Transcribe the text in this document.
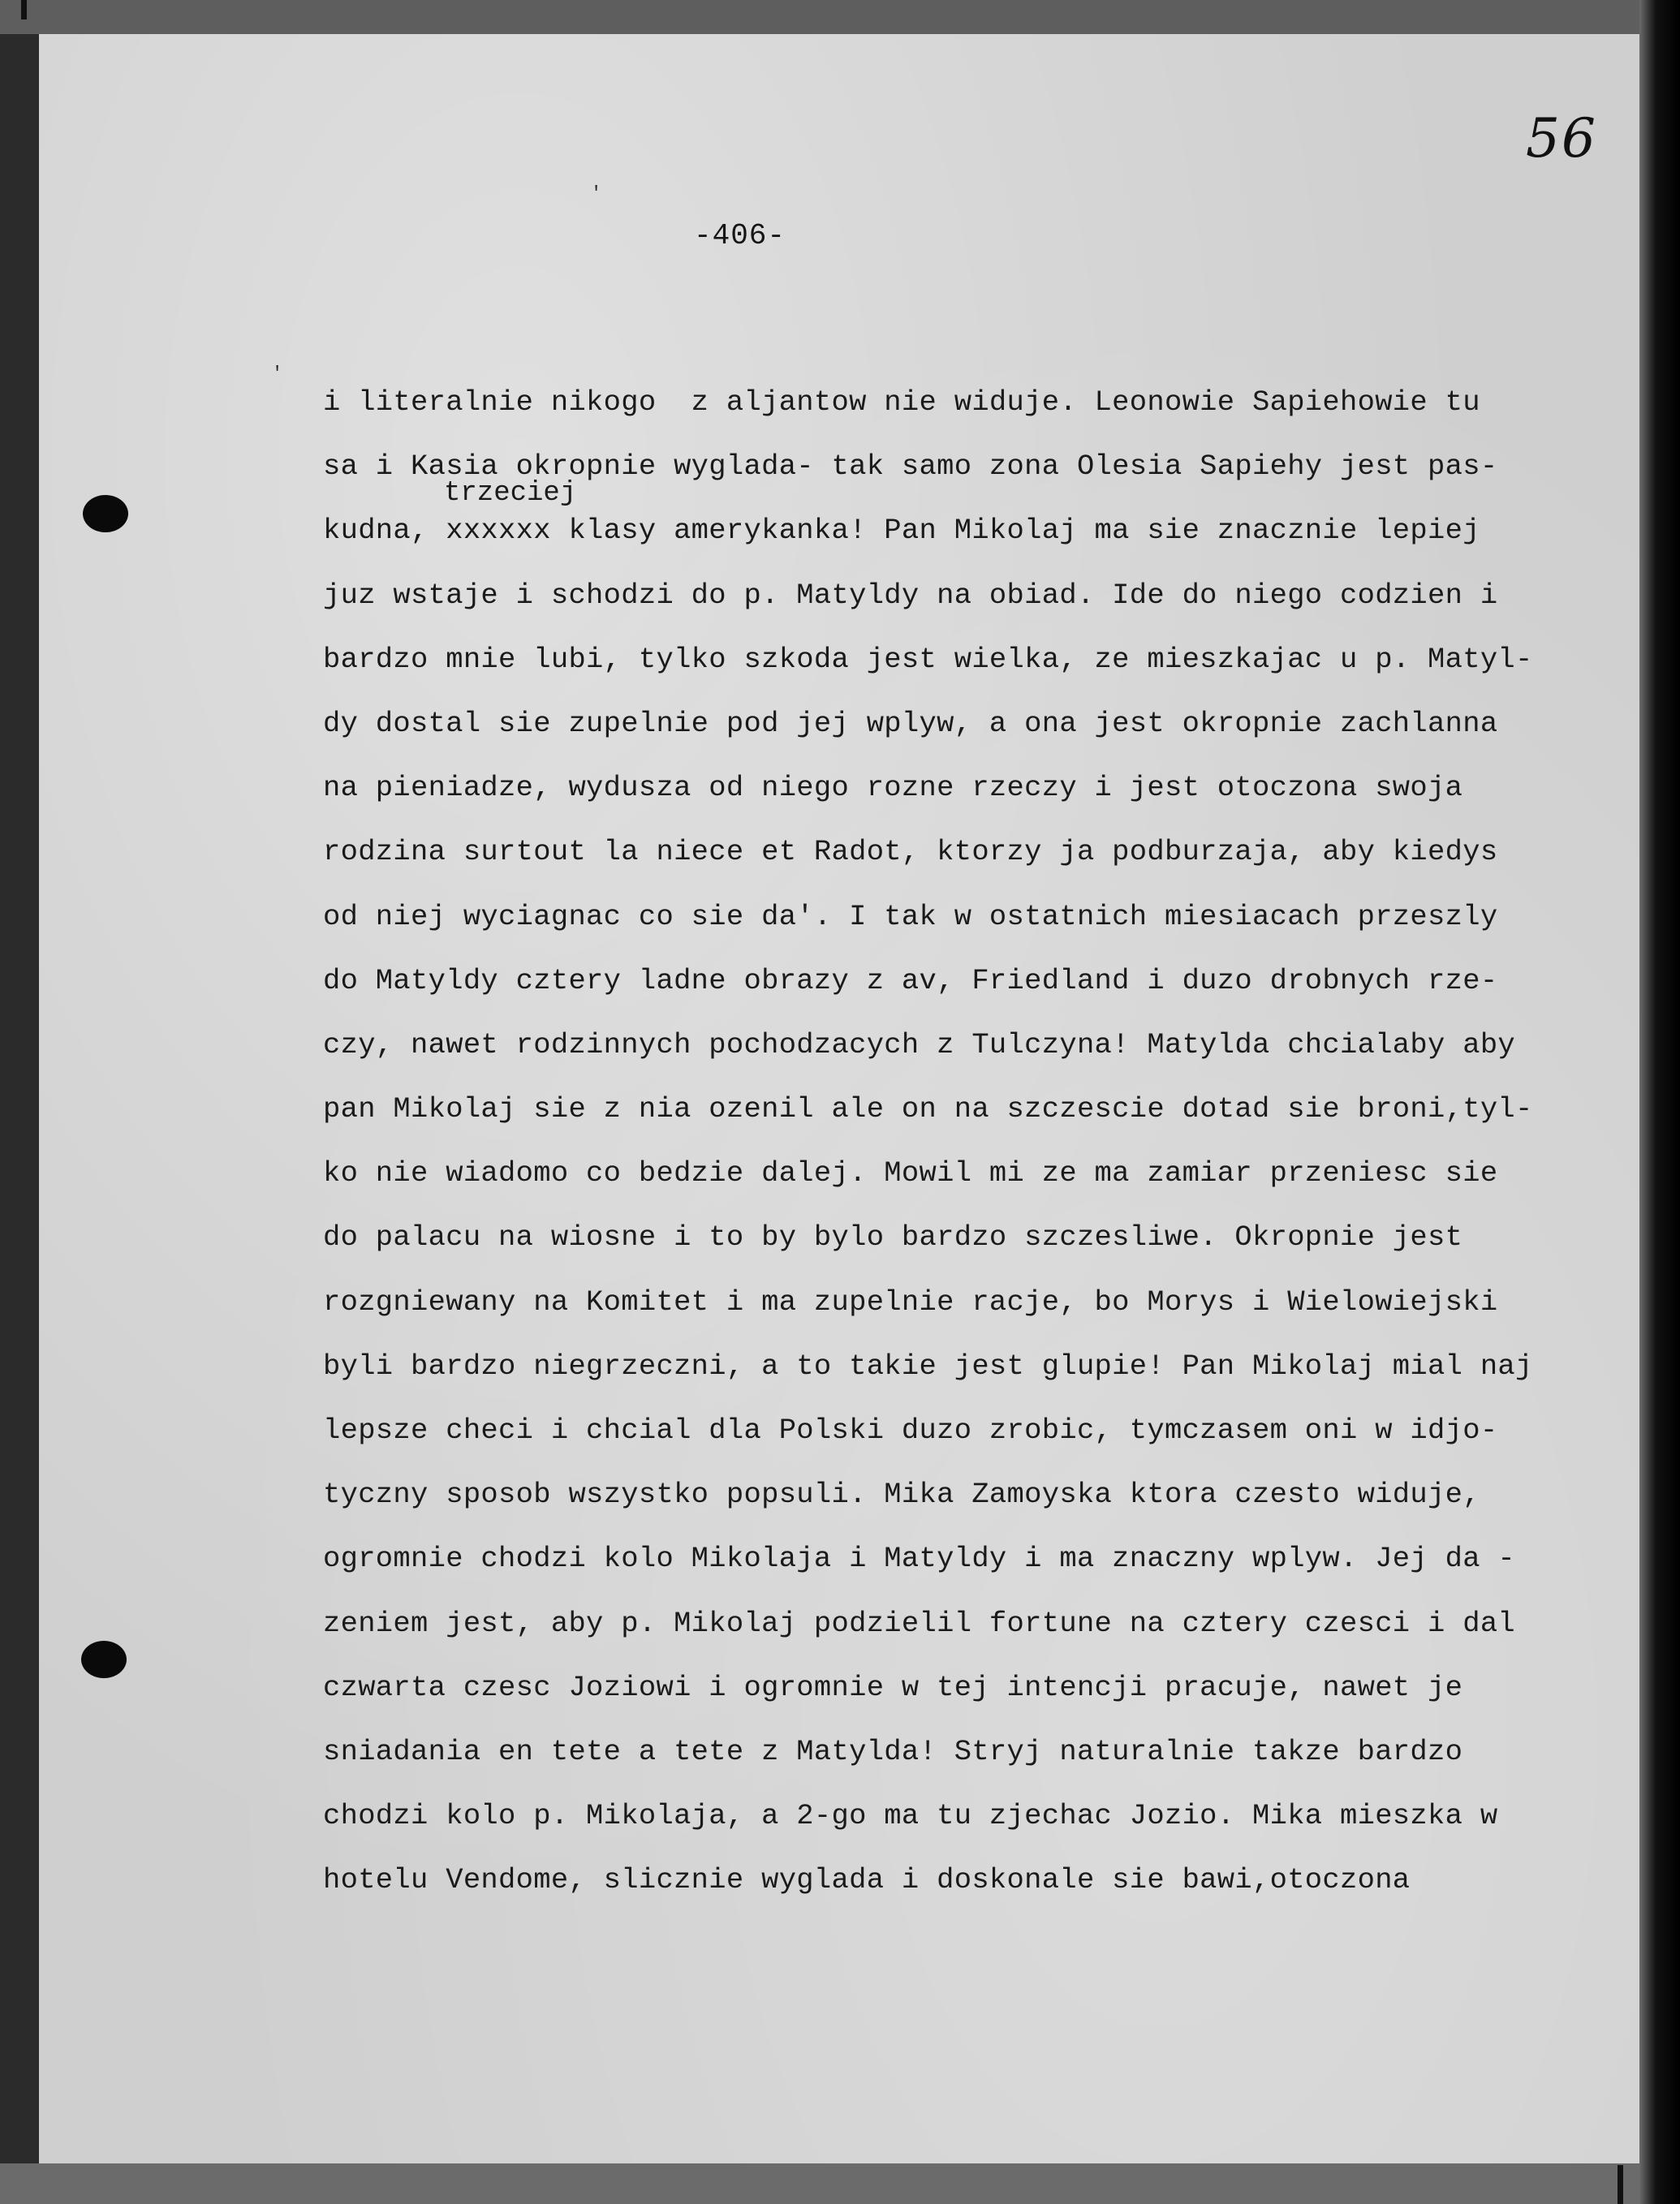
56
-406-
trzeciej
'
'
i literalnie nikogo  z aljantow nie widuje. Leonowie Sapiehowie tu
sa i Kasia okropnie wyglada- tak samo zona Olesia Sapiehy jest pas-
kudna, xxxxxx klasy amerykanka! Pan Mikolaj ma sie znacznie lepiej
juz wstaje i schodzi do p. Matyldy na obiad. Ide do niego codzien i
bardzo mnie lubi, tylko szkoda jest wielka, ze mieszkajac u p. Matyl-
dy dostal sie zupelnie pod jej wplyw, a ona jest okropnie zachlanna
na pieniadze, wydusza od niego rozne rzeczy i jest otoczona swoja
rodzina surtout la niece et Radot, ktorzy ja podburzaja, aby kiedys
od niej wyciagnac co sie da'. I tak w ostatnich miesiacach przeszly
do Matyldy cztery ladne obrazy z av, Friedland i duzo drobnych rze-
czy, nawet rodzinnych pochodzacych z Tulczyna! Matylda chcialaby aby
pan Mikolaj sie z nia ozenil ale on na szczescie dotad sie broni,tyl-
ko nie wiadomo co bedzie dalej. Mowil mi ze ma zamiar przeniesc sie
do palacu na wiosne i to by bylo bardzo szczesliwe. Okropnie jest
rozgniewany na Komitet i ma zupelnie racje, bo Morys i Wielowiejski
byli bardzo niegrzeczni, a to takie jest glupie! Pan Mikolaj mial naj
lepsze checi i chcial dla Polski duzo zrobic, tymczasem oni w idjo-
tyczny sposob wszystko popsuli. Mika Zamoyska ktora czesto widuje,
ogromnie chodzi kolo Mikolaja i Matyldy i ma znaczny wplyw. Jej da -
zeniem jest, aby p. Mikolaj podzielil fortune na cztery czesci i dal
czwarta czesc Joziowi i ogromnie w tej intencji pracuje, nawet je
sniadania en tete a tete z Matylda! Stryj naturalnie takze bardzo
chodzi kolo p. Mikolaja, a 2-go ma tu zjechac Jozio. Mika mieszka w
hotelu Vendome, slicznie wyglada i doskonale sie bawi,otoczona
